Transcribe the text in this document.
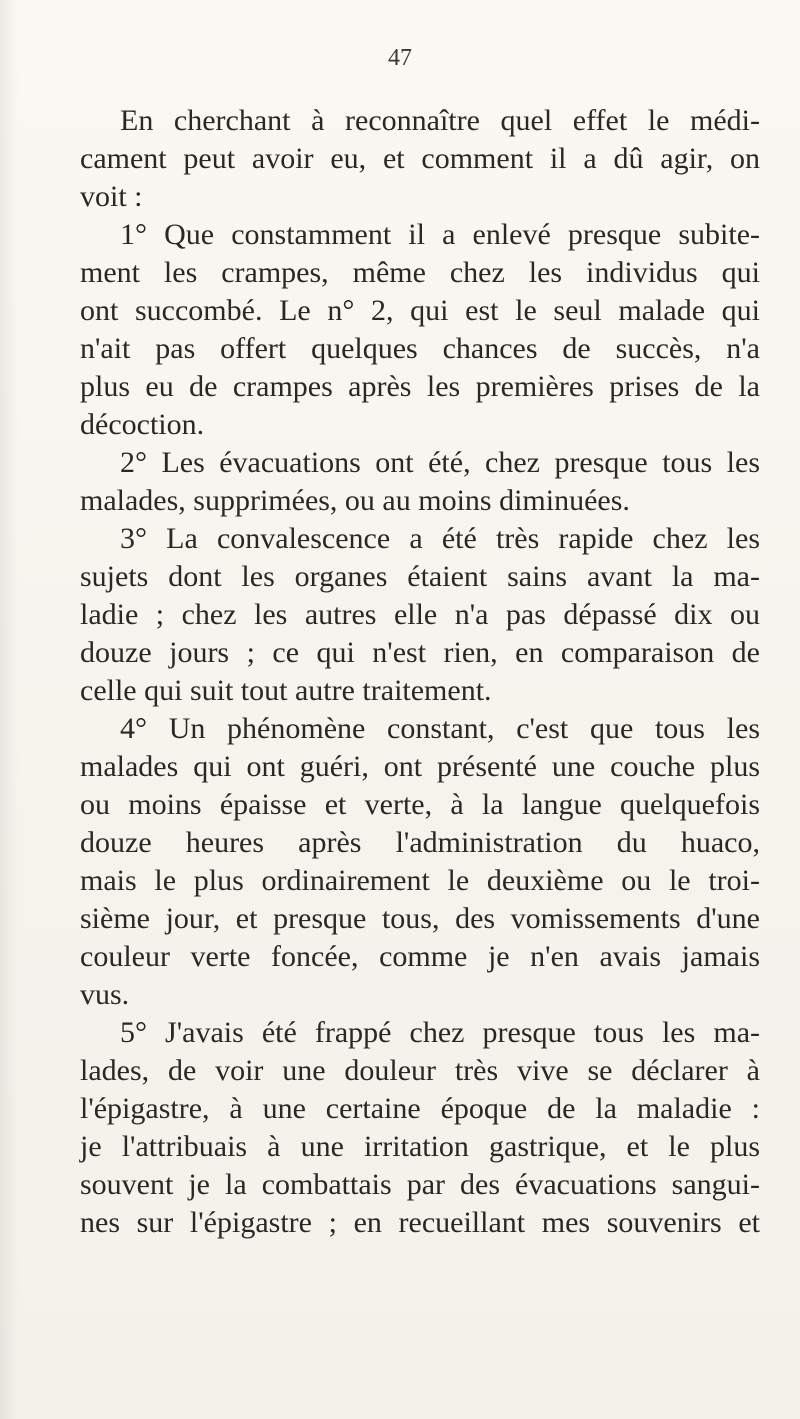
47
En cherchant à reconnaître quel effet le médi-
cament peut avoir eu, et comment il a dû agir, on
voit :
1° Que constamment il a enlevé presque subite-
ment les crampes, même chez les individus qui
ont succombé. Le n° 2, qui est le seul malade qui
n'ait pas offert quelques chances de succès, n'a
plus eu de crampes après les premières prises de la
décoction.
2° Les évacuations ont été, chez presque tous les
malades, supprimées, ou au moins diminuées.
3° La convalescence a été très rapide chez les
sujets dont les organes étaient sains avant la ma-
ladie ; chez les autres elle n'a pas dépassé dix ou
douze jours ; ce qui n'est rien, en comparaison de
celle qui suit tout autre traitement.
4° Un phénomène constant, c'est que tous les
malades qui ont guéri, ont présenté une couche plus
ou moins épaisse et verte, à la langue quelquefois
douze heures après l'administration du huaco,
mais le plus ordinairement le deuxième ou le troi-
sième jour, et presque tous, des vomissements d'une
couleur verte foncée, comme je n'en avais jamais
vus.
5° J'avais été frappé chez presque tous les ma-
lades, de voir une douleur très vive se déclarer à
l'épigastre, à une certaine époque de la maladie :
je l'attribuais à une irritation gastrique, et le plus
souvent je la combattais par des évacuations sangui-
nes sur l'épigastre ; en recueillant mes souvenirs et
